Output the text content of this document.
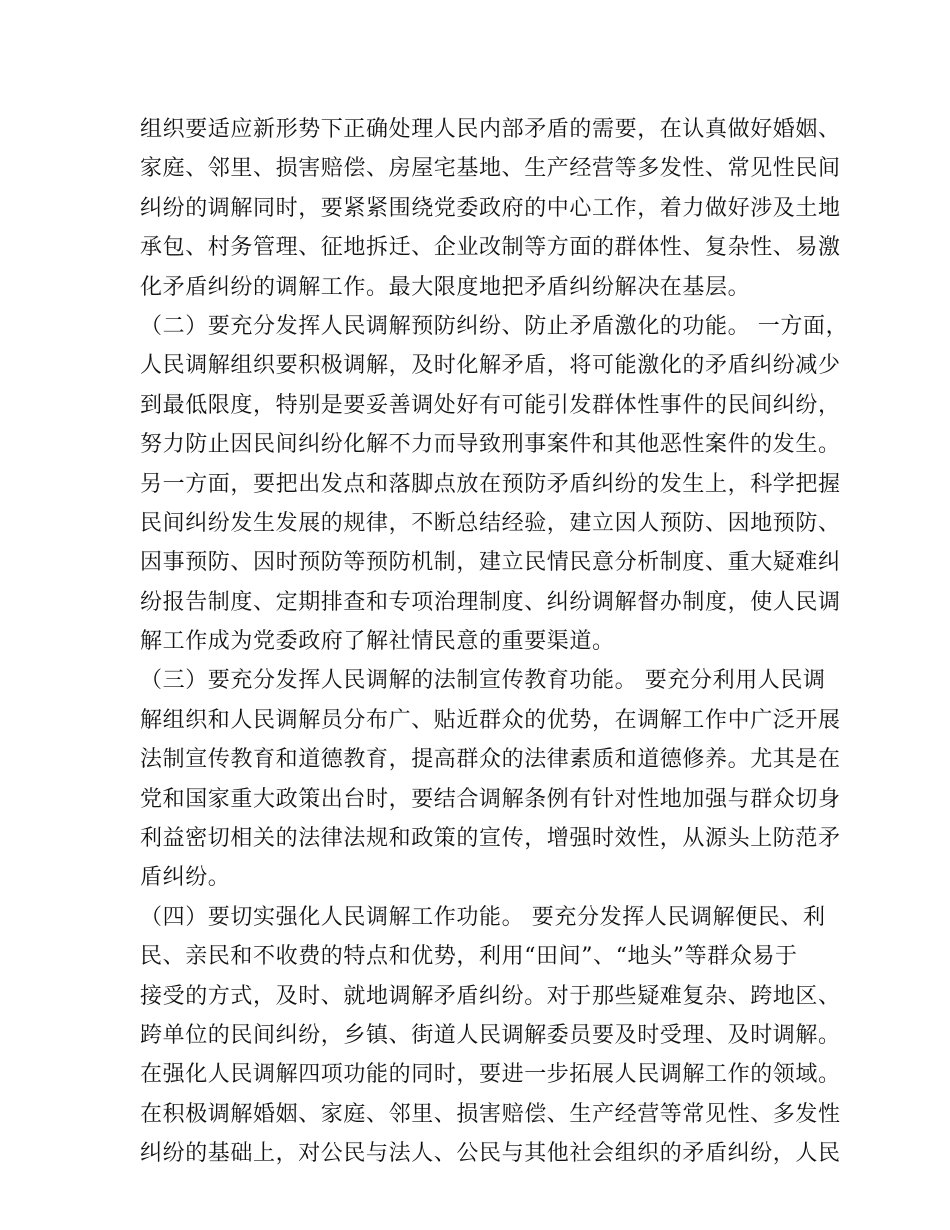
组织要适应新形势下正确处理人民内部矛盾的需要，在认真做好婚姻、
家庭、邻里、损害赔偿、房屋宅基地、生产经营等多发性、常见性民间
纠纷的调解同时，要紧紧围绕党委政府的中心工作，着力做好涉及土地
承包、村务管理、征地拆迁、企业改制等方面的群体性、复杂性、易激
化矛盾纠纷的调解工作。最大限度地把矛盾纠纷解决在基层。
（二）要充分发挥人民调解预防纠纷、防止矛盾激化的功能。 一方面，
人民调解组织要积极调解，及时化解矛盾，将可能激化的矛盾纠纷减少
到最低限度，特别是要妥善调处好有可能引发群体性事件的民间纠纷，
努力防止因民间纠纷化解不力而导致刑事案件和其他恶性案件的发生。
另一方面，要把出发点和落脚点放在预防矛盾纠纷的发生上，科学把握
民间纠纷发生发展的规律，不断总结经验，建立因人预防、因地预防、
因事预防、因时预防等预防机制，建立民情民意分析制度、重大疑难纠
纷报告制度、定期排查和专项治理制度、纠纷调解督办制度，使人民调
解工作成为党委政府了解社情民意的重要渠道。
（三）要充分发挥人民调解的法制宣传教育功能。 要充分利用人民调
解组织和人民调解员分布广、贴近群众的优势，在调解工作中广泛开展
法制宣传教育和道德教育，提高群众的法律素质和道德修养。尤其是在
党和国家重大政策出台时，要结合调解条例有针对性地加强与群众切身
利益密切相关的法律法规和政策的宣传，增强时效性，从源头上防范矛
盾纠纷。
（四）要切实强化人民调解工作功能。 要充分发挥人民调解便民、利
民、亲民和不收费的特点和优势，利用“田间”、“地头”等群众易于
接受的方式，及时、就地调解矛盾纠纷。对于那些疑难复杂、跨地区、
跨单位的民间纠纷，乡镇、街道人民调解委员要及时受理、及时调解。
在强化人民调解四项功能的同时，要进一步拓展人民调解工作的领域。
在积极调解婚姻、家庭、邻里、损害赔偿、生产经营等常见性、多发性
纠纷的基础上，对公民与法人、公民与其他社会组织的矛盾纠纷，人民
